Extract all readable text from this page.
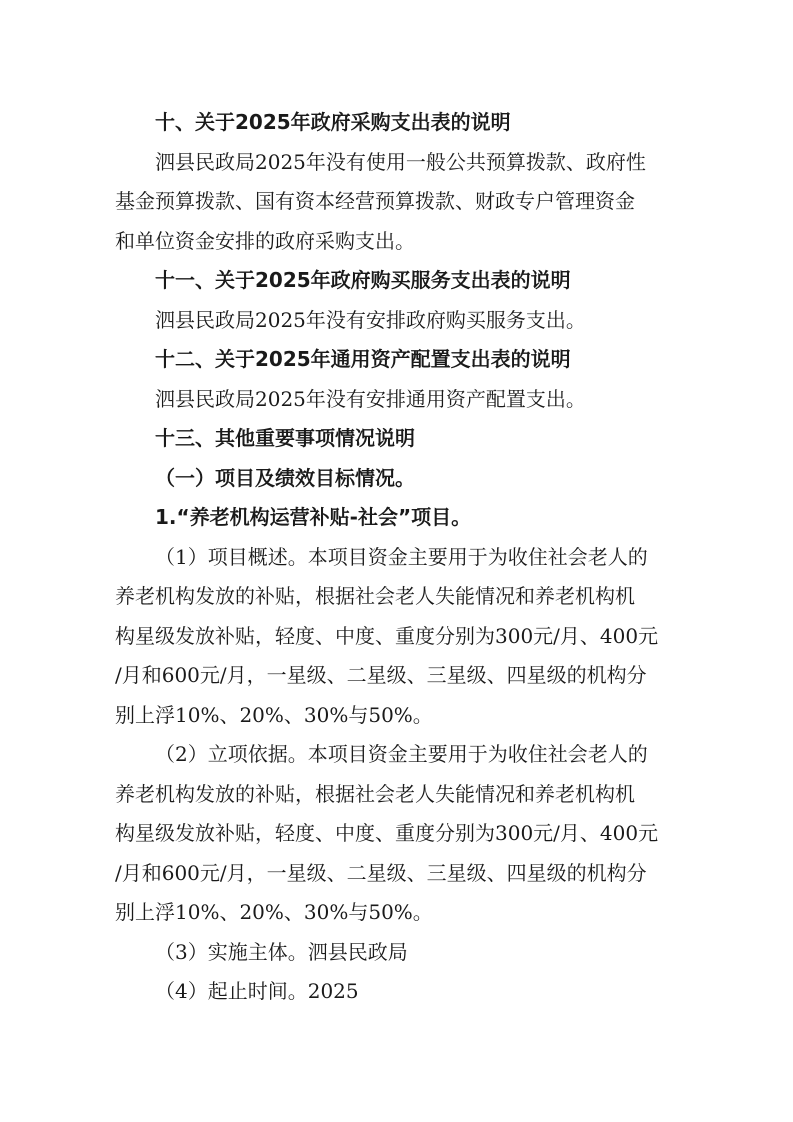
十、关于2025年政府采购支出表的说明
泗县民政局2025年没有使用一般公共预算拨款、政府性
基金预算拨款、国有资本经营预算拨款、财政专户管理资金
和单位资金安排的政府采购支出。
十一、关于2025年政府购买服务支出表的说明
泗县民政局2025年没有安排政府购买服务支出。
十二、关于2025年通用资产配置支出表的说明
泗县民政局2025年没有安排通用资产配置支出。
十三、其他重要事项情况说明
（一）项目及绩效目标情况。
1.“养老机构运营补贴-社会”项目。
（1）项目概述。本项目资金主要用于为收住社会老人的
养老机构发放的补贴，根据社会老人失能情况和养老机构机
构星级发放补贴，轻度、中度、重度分别为300元/月、400元
/月和600元/月，一星级、二星级、三星级、四星级的机构分
别上浮10%、20%、30%与50%。
（2）立项依据。本项目资金主要用于为收住社会老人的
养老机构发放的补贴，根据社会老人失能情况和养老机构机
构星级发放补贴，轻度、中度、重度分别为300元/月、400元
/月和600元/月，一星级、二星级、三星级、四星级的机构分
别上浮10%、20%、30%与50%。
（3）实施主体。泗县民政局
（4）起止时间。2025
